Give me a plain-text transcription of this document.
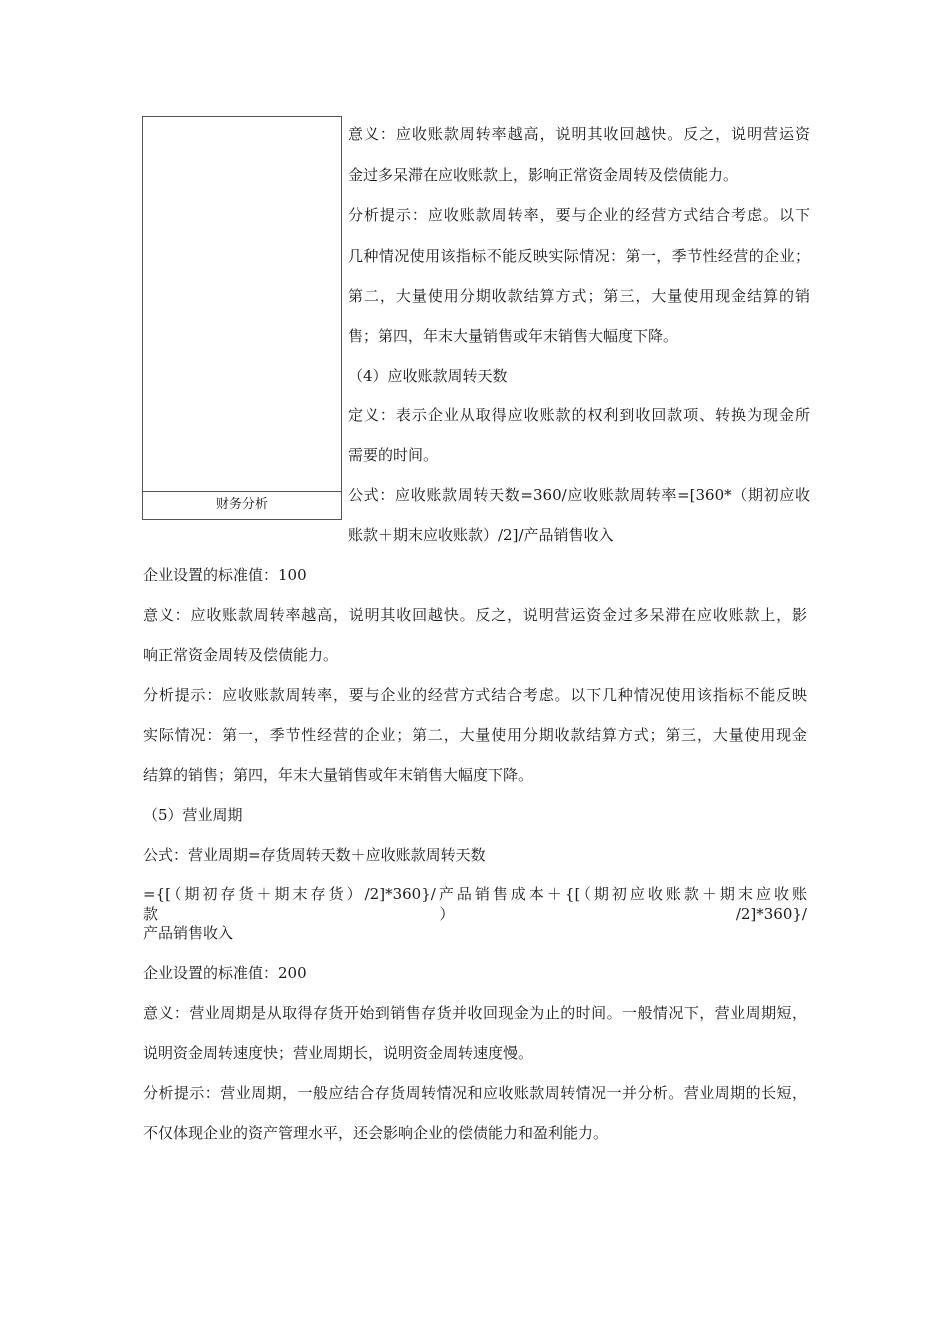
财务分析
意义：应收账款周转率越高，说明其收回越快。反之，说明营运资
金过多呆滞在应收账款上，影响正常资金周转及偿债能力。
分析提示：应收账款周转率，要与企业的经营方式结合考虑。以下
几种情况使用该指标不能反映实际情况：第一，季节性经营的企业；
第二，大量使用分期收款结算方式；第三，大量使用现金结算的销
售；第四，年末大量销售或年末销售大幅度下降。
（4）应收账款周转天数
定义：表示企业从取得应收账款的权利到收回款项、转换为现金所
需要的时间。
公式：应收账款周转天数=360/应收账款周转率=[360*（期初应收
账款＋期末应收账款）/2]/产品销售收入
企业设置的标准值：100
意义：应收账款周转率越高，说明其收回越快。反之，说明营运资金过多呆滞在应收账款上，影
响正常资金周转及偿债能力。
分析提示：应收账款周转率，要与企业的经营方式结合考虑。以下几种情况使用该指标不能反映
实际情况：第一，季节性经营的企业；第二，大量使用分期收款结算方式；第三，大量使用现金
结算的销售；第四，年末大量销售或年末销售大幅度下降。
（5）营业周期
公式：营业周期=存货周转天数＋应收账款周转天数
={[（期初存货＋期末存货）/2]*360}/产品销售成本＋{[（期初应收账款＋期末应收账款）/2]*360}/
产品销售收入
企业设置的标准值：200
意义：营业周期是从取得存货开始到销售存货并收回现金为止的时间。一般情况下，营业周期短，
说明资金周转速度快；营业周期长，说明资金周转速度慢。
分析提示：营业周期，一般应结合存货周转情况和应收账款周转情况一并分析。营业周期的长短，
不仅体现企业的资产管理水平，还会影响企业的偿债能力和盈利能力。
